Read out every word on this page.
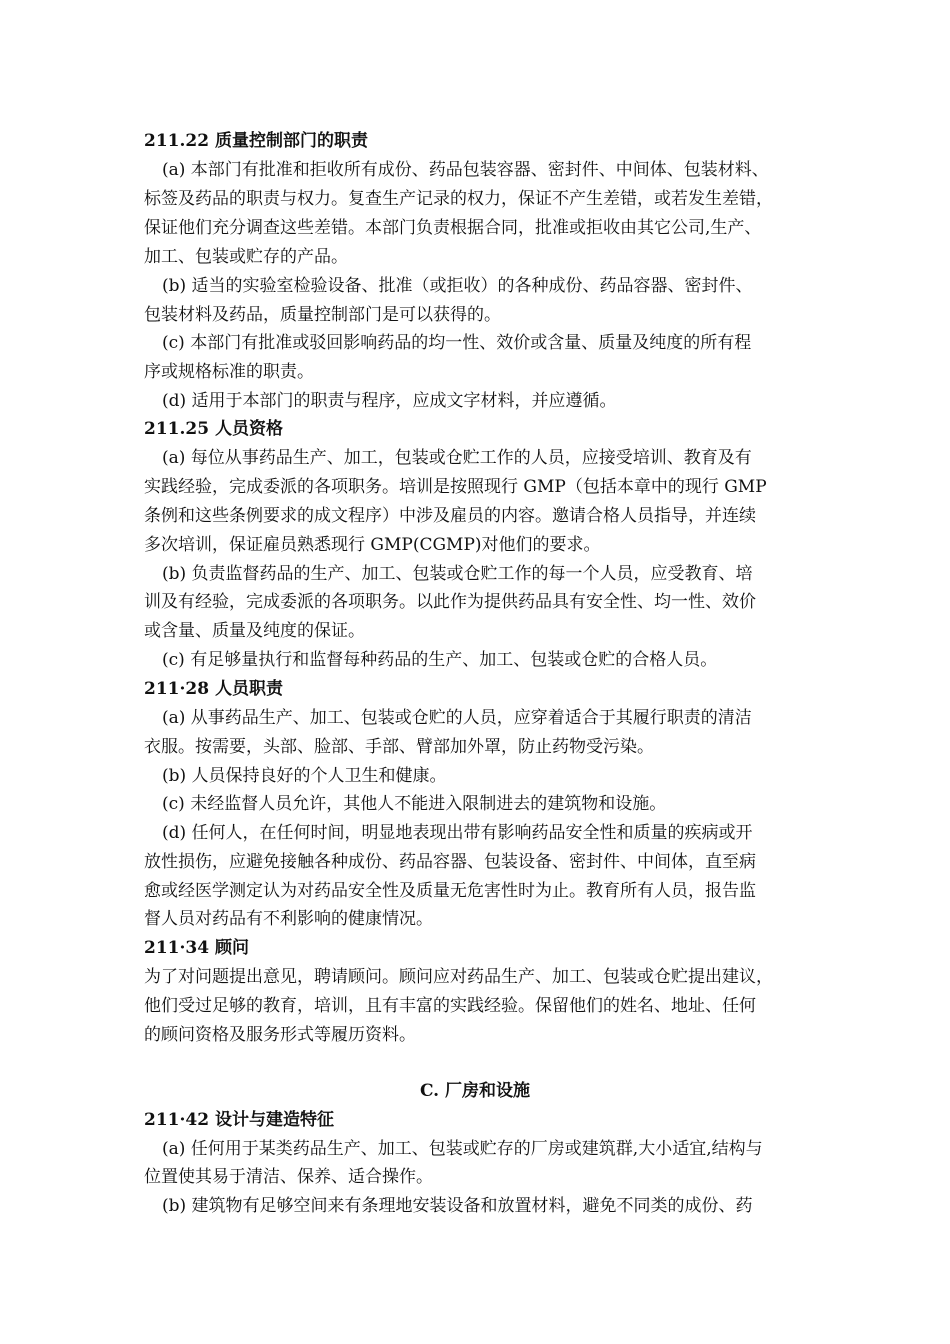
211.22 质量控制部门的职责
(a) 本部门有批准和拒收所有成份、药品包装容器、密封件、中间体、包装材料、
标签及药品的职责与权力。复查生产记录的权力，保证不产生差错，或若发生差错，
保证他们充分调查这些差错。本部门负责根据合同，批准或拒收由其它公司,生产、
加工、包装或贮存的产品。
(b) 适当的实验室检验设备、批准（或拒收）的各种成份、药品容器、密封件、
包装材料及药品，质量控制部门是可以获得的。
(c) 本部门有批准或驳回影响药品的均一性、效价或含量、质量及纯度的所有程
序或规格标准的职责。
(d) 适用于本部门的职责与程序，应成文字材料，并应遵循。
211.25 人员资格
(a) 每位从事药品生产、加工，包装或仓贮工作的人员，应接受培训、教育及有
实践经验，完成委派的各项职务。培训是按照现行 GMP（包括本章中的现行 GMP
条例和这些条例要求的成文程序）中涉及雇员的内容。邀请合格人员指导，并连续
多次培训，保证雇员熟悉现行 GMP(CGMP)对他们的要求。
(b) 负责监督药品的生产、加工、包装或仓贮工作的每一个人员，应受教育、培
训及有经验，完成委派的各项职务。以此作为提供药品具有安全性、均一性、效价
或含量、质量及纯度的保证。
(c) 有足够量执行和监督每种药品的生产、加工、包装或仓贮的合格人员。
211·28 人员职责
(a) 从事药品生产、加工、包装或仓贮的人员，应穿着适合于其履行职责的清洁
衣服。按需要，头部、脸部、手部、臂部加外罩，防止药物受污染。
(b) 人员保持良好的个人卫生和健康。
(c) 未经监督人员允许，其他人不能进入限制进去的建筑物和设施。
(d) 任何人，在任何时间，明显地表现出带有影响药品安全性和质量的疾病或开
放性损伤，应避免接触各种成份、药品容器、包装设备、密封件、中间体，直至病
愈或经医学测定认为对药品安全性及质量无危害性时为止。教育所有人员，报告监
督人员对药品有不利影响的健康情况。
211·34 顾问
为了对问题提出意见，聘请顾问。顾问应对药品生产、加工、包装或仓贮提出建议，
他们受过足够的教育，培训，且有丰富的实践经验。保留他们的姓名、地址、任何
的顾问资格及服务形式等履历资料。
C. 厂房和设施
211·42 设计与建造特征
(a) 任何用于某类药品生产、加工、包装或贮存的厂房或建筑群,大小适宜,结构与
位置使其易于清洁、保养、适合操作。
(b) 建筑物有足够空间来有条理地安装设备和放置材料，避免不同类的成份、药
